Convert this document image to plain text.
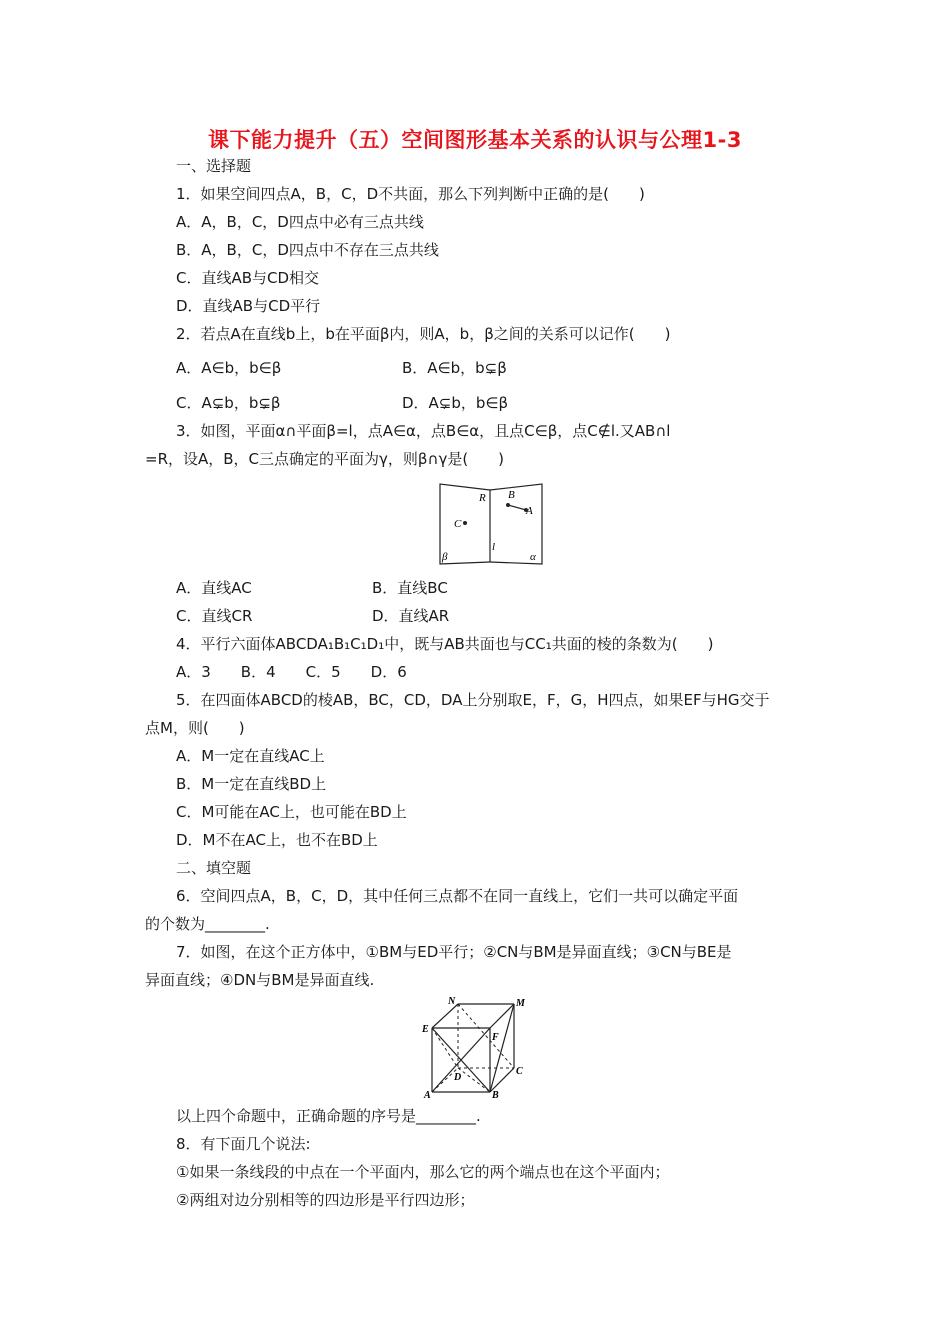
课下能力提升（五）空间图形基本关系的认识与公理1-3
一、选择题
1．如果空间四点A，B，C，D不共面，那么下列判断中正确的是(　　)
A．A，B，C，D四点中必有三点共线
B．A，B，C，D四点中不存在三点共线
C．直线AB与CD相交
D．直线AB与CD平行
2．若点A在直线b上，b在平面β内，则A，b，β之间的关系可以记作(　　)
A．A∈b，b∈β	B．A∈b，b⊊β
C．A⊊b，b⊊β	D．A⊊b，b∈β
3．如图，平面α∩平面β=l，点A∈α，点B∈α，且点C∈β，点C∉l.又AB∩l
=R，设A，B，C三点确定的平面为γ，则β∩γ是(　　)
R B
A
C
β
l
α
A．直线AC	B．直线BC
C．直线CR	D．直线AR
4．平行六面体ABCDA₁B₁C₁D₁中，既与AB共面也与CC₁共面的棱的条数为(　　)
A．3　　B．4　　C．5　　D．6
5．在四面体ABCD的棱AB，BC，CD，DA上分别取E，F，G，H四点，如果EF与HG交于
点M，则(　　)
A．M一定在直线AC上
B．M一定在直线BD上
C．M可能在AC上，也可能在BD上
D．M不在AC上，也不在BD上
二、填空题
6．空间四点A，B，C，D，其中任何三点都不在同一直线上，它们一共可以确定平面
的个数为________.
7．如图，在这个正方体中，①BM与ED平行；②CN与BM是异面直线；③CN与BE是
异面直线；④DN与BM是异面直线.
N	M
E
F
C
D
A	B
以上四个命题中，正确命题的序号是________.
8．有下面几个说法:
①如果一条线段的中点在一个平面内，那么它的两个端点也在这个平面内；
②两组对边分别相等的四边形是平行四边形；
